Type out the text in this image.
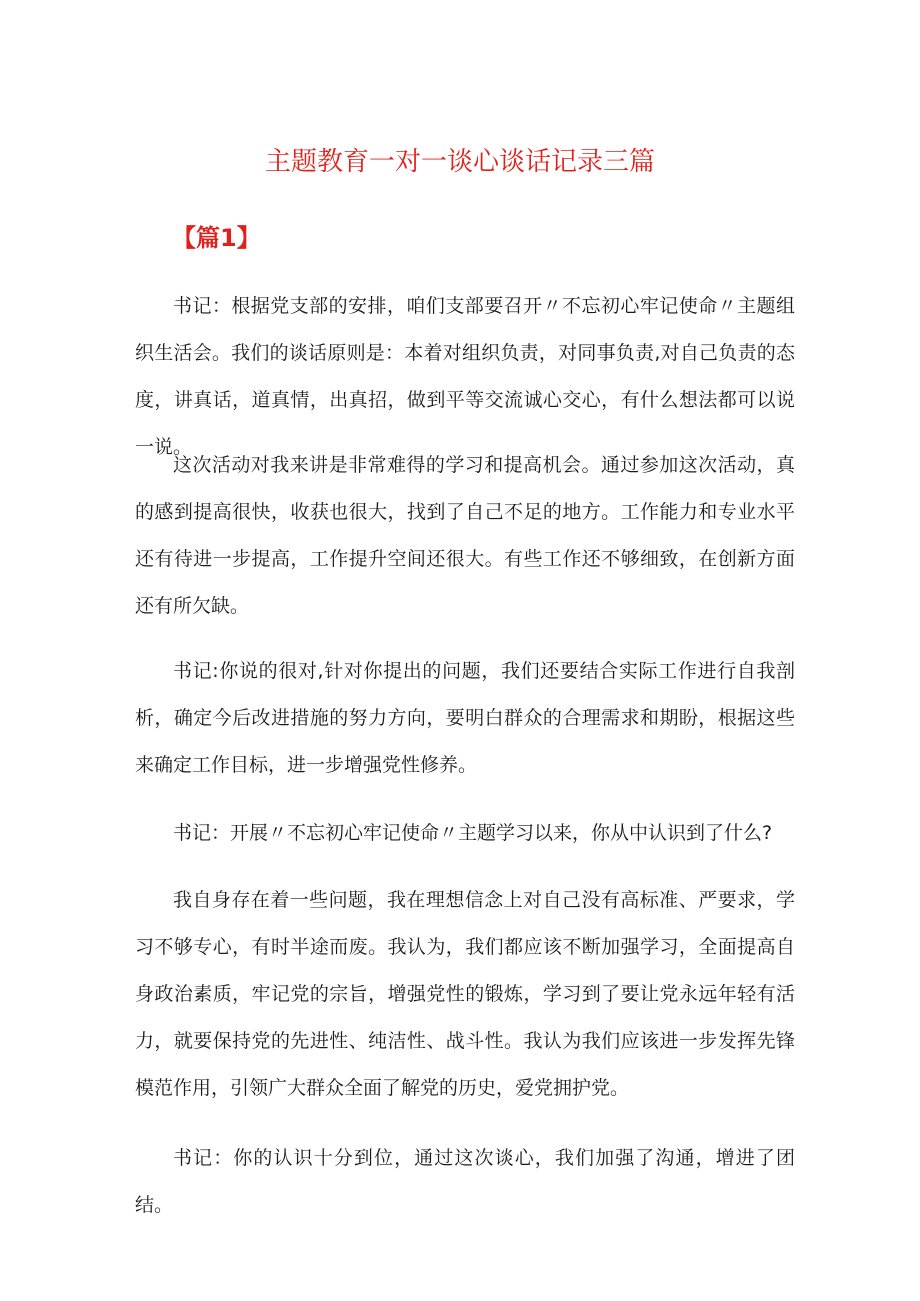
主题教育一对一谈心谈话记录三篇
【篇1】

书记：根据党支部的安排，咱们支部要召开〃不忘初心牢记使命〃主题组织生活会。我们的谈话原则是：本着对组织负责，对同事负责,对自己负责的态度，讲真话，道真情，出真招，做到平等交流诚心交心，有什么想法都可以说一说。

这次活动对我来讲是非常难得的学习和提高机会。通过参加这次活动，真的感到提高很快，收获也很大，找到了自己不足的地方。工作能力和专业水平还有待进一步提高，工作提升空间还很大。有些工作还不够细致，在创新方面还有所欠缺。

书记:你说的很对,针对你提出的问题，我们还要结合实际工作进行自我剖析，确定今后改进措施的努力方向，要明白群众的合理需求和期盼，根据这些来确定工作目标，进一步增强党性修养。

书记：开展〃不忘初心牢记使命〃主题学习以来，你从中认识到了什么?

我自身存在着一些问题，我在理想信念上对自己没有高标准、严要求，学习不够专心，有时半途而废。我认为，我们都应该不断加强学习，全面提高自身政治素质，牢记党的宗旨，增强党性的锻炼，学习到了要让党永远年轻有活力，就要保持党的先进性、纯洁性、战斗性。我认为我们应该进一步发挥先锋模范作用，引领广大群众全面了解党的历史，爱党拥护党。

书记：你的认识十分到位，通过这次谈心，我们加强了沟通，增进了团结。
